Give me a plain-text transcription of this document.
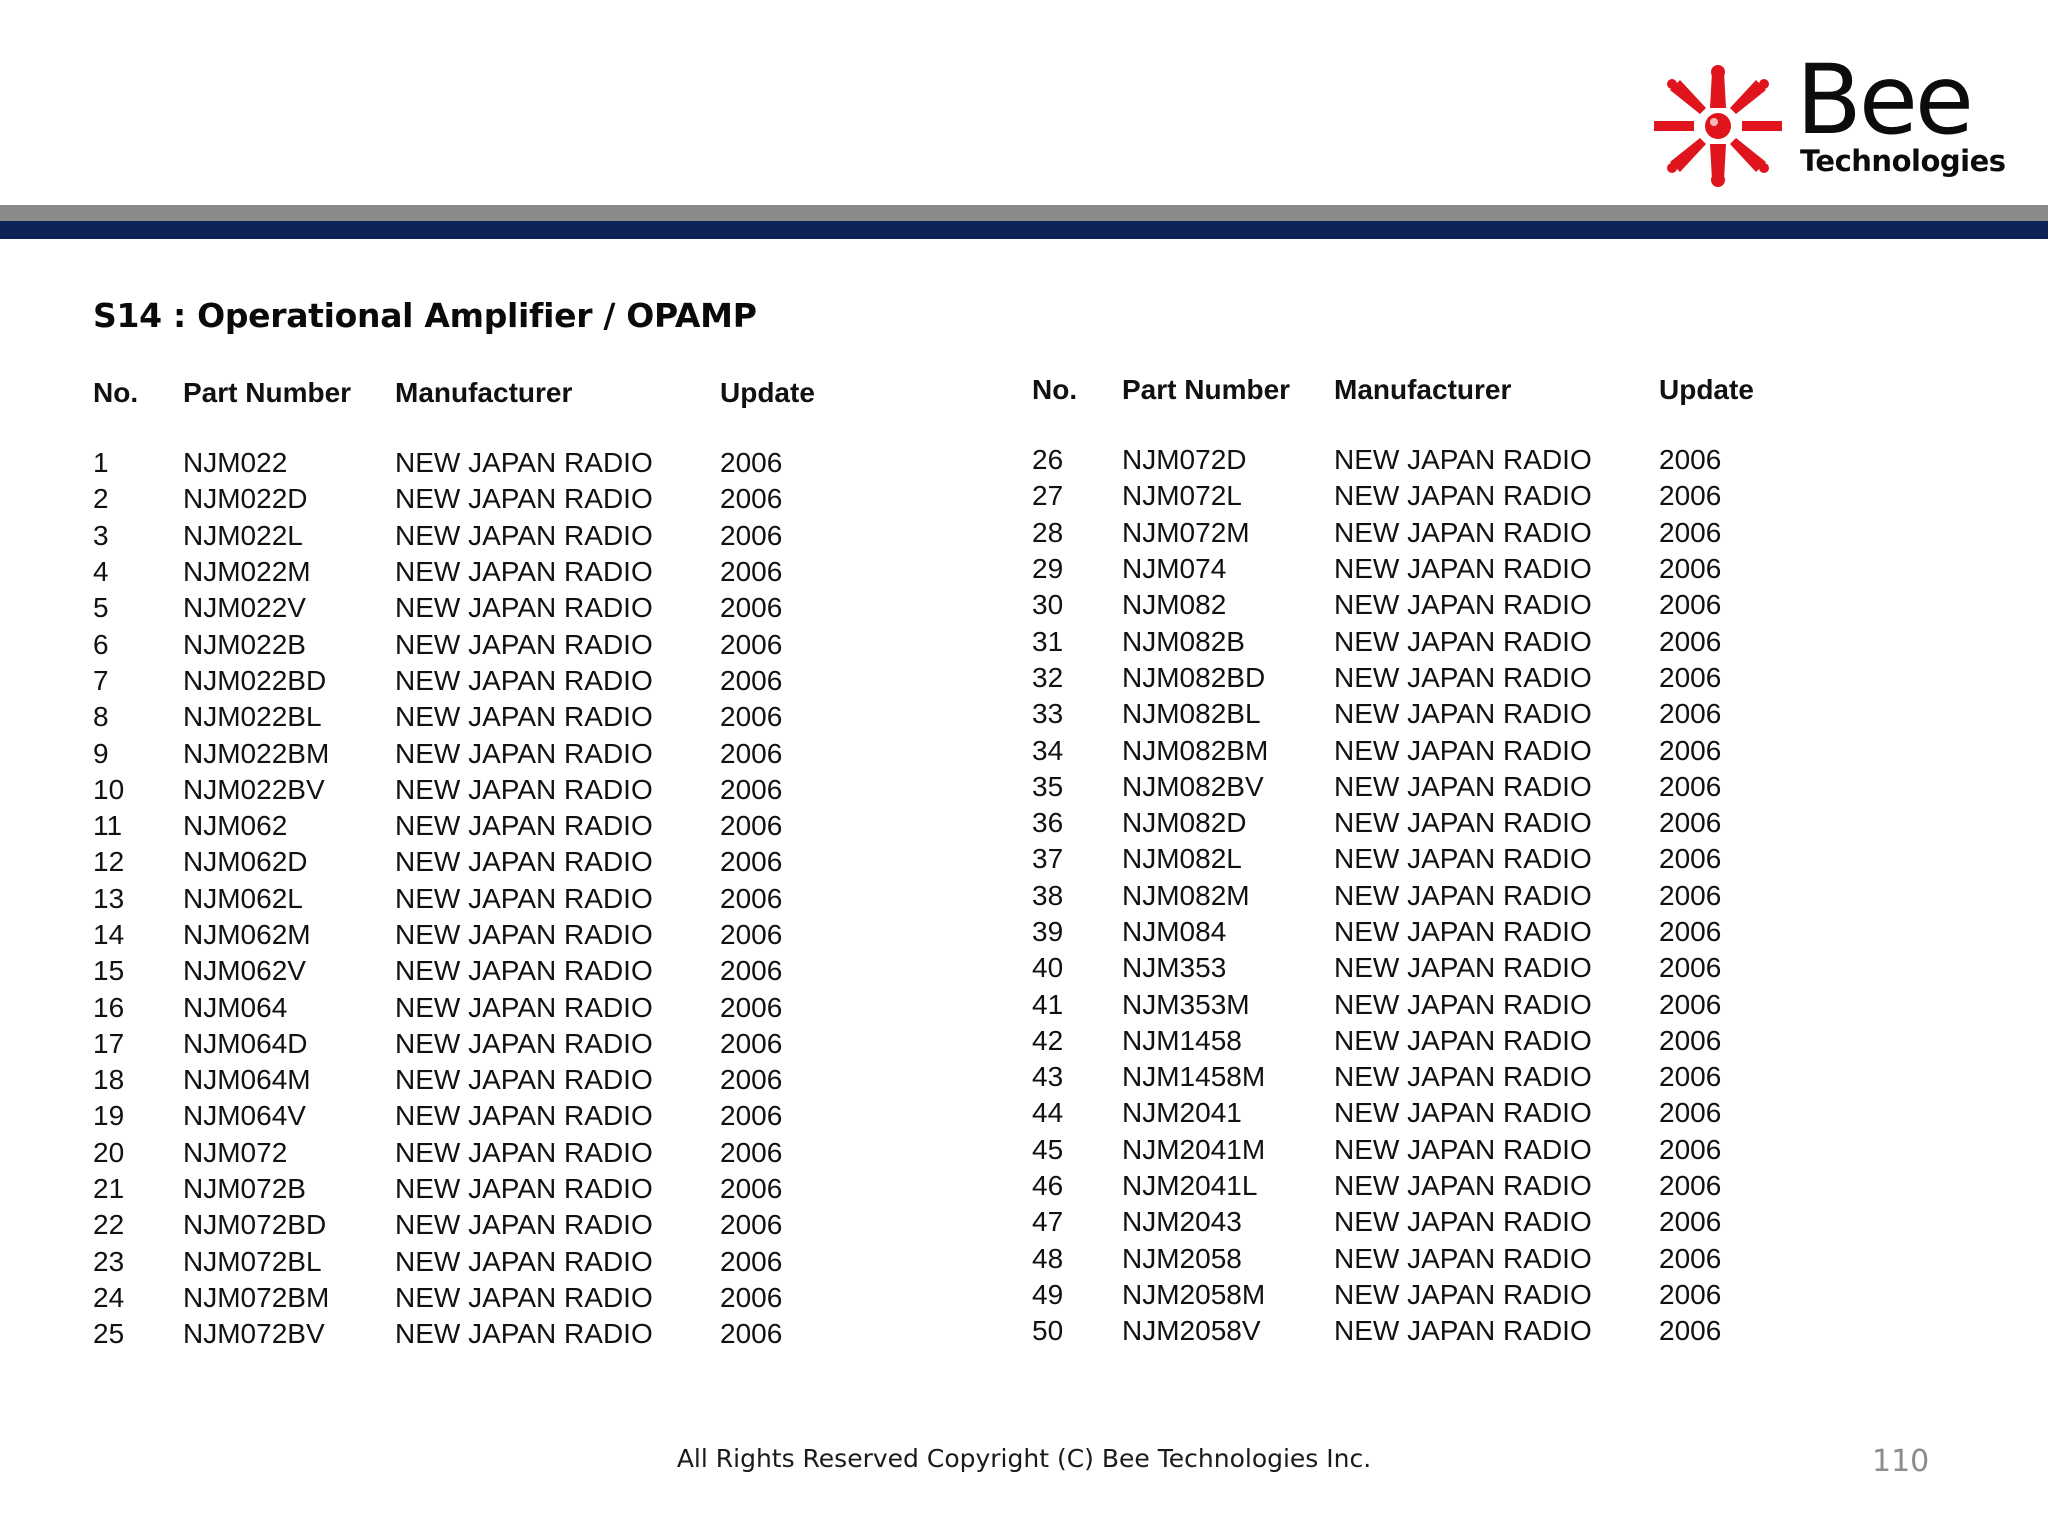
Bee
Technologies
S14 : Operational Amplifier / OPAMP
No.	Part Number	Manufacturer	Update
1	NJM022	NEW JAPAN RADIO	2006
2	NJM022D	NEW JAPAN RADIO	2006
3	NJM022L	NEW JAPAN RADIO	2006
4	NJM022M	NEW JAPAN RADIO	2006
5	NJM022V	NEW JAPAN RADIO	2006
6	NJM022B	NEW JAPAN RADIO	2006
7	NJM022BD	NEW JAPAN RADIO	2006
8	NJM022BL	NEW JAPAN RADIO	2006
9	NJM022BM	NEW JAPAN RADIO	2006
10	NJM022BV	NEW JAPAN RADIO	2006
11	NJM062	NEW JAPAN RADIO	2006
12	NJM062D	NEW JAPAN RADIO	2006
13	NJM062L	NEW JAPAN RADIO	2006
14	NJM062M	NEW JAPAN RADIO	2006
15	NJM062V	NEW JAPAN RADIO	2006
16	NJM064	NEW JAPAN RADIO	2006
17	NJM064D	NEW JAPAN RADIO	2006
18	NJM064M	NEW JAPAN RADIO	2006
19	NJM064V	NEW JAPAN RADIO	2006
20	NJM072	NEW JAPAN RADIO	2006
21	NJM072B	NEW JAPAN RADIO	2006
22	NJM072BD	NEW JAPAN RADIO	2006
23	NJM072BL	NEW JAPAN RADIO	2006
24	NJM072BM	NEW JAPAN RADIO	2006
25	NJM072BV	NEW JAPAN RADIO	2006
No.	Part Number	Manufacturer	Update
26	NJM072D	NEW JAPAN RADIO	2006
27	NJM072L	NEW JAPAN RADIO	2006
28	NJM072M	NEW JAPAN RADIO	2006
29	NJM074	NEW JAPAN RADIO	2006
30	NJM082	NEW JAPAN RADIO	2006
31	NJM082B	NEW JAPAN RADIO	2006
32	NJM082BD	NEW JAPAN RADIO	2006
33	NJM082BL	NEW JAPAN RADIO	2006
34	NJM082BM	NEW JAPAN RADIO	2006
35	NJM082BV	NEW JAPAN RADIO	2006
36	NJM082D	NEW JAPAN RADIO	2006
37	NJM082L	NEW JAPAN RADIO	2006
38	NJM082M	NEW JAPAN RADIO	2006
39	NJM084	NEW JAPAN RADIO	2006
40	NJM353	NEW JAPAN RADIO	2006
41	NJM353M	NEW JAPAN RADIO	2006
42	NJM1458	NEW JAPAN RADIO	2006
43	NJM1458M	NEW JAPAN RADIO	2006
44	NJM2041	NEW JAPAN RADIO	2006
45	NJM2041M	NEW JAPAN RADIO	2006
46	NJM2041L	NEW JAPAN RADIO	2006
47	NJM2043	NEW JAPAN RADIO	2006
48	NJM2058	NEW JAPAN RADIO	2006
49	NJM2058M	NEW JAPAN RADIO	2006
50	NJM2058V	NEW JAPAN RADIO	2006
All Rights Reserved Copyright (C) Bee Technologies Inc.	110
